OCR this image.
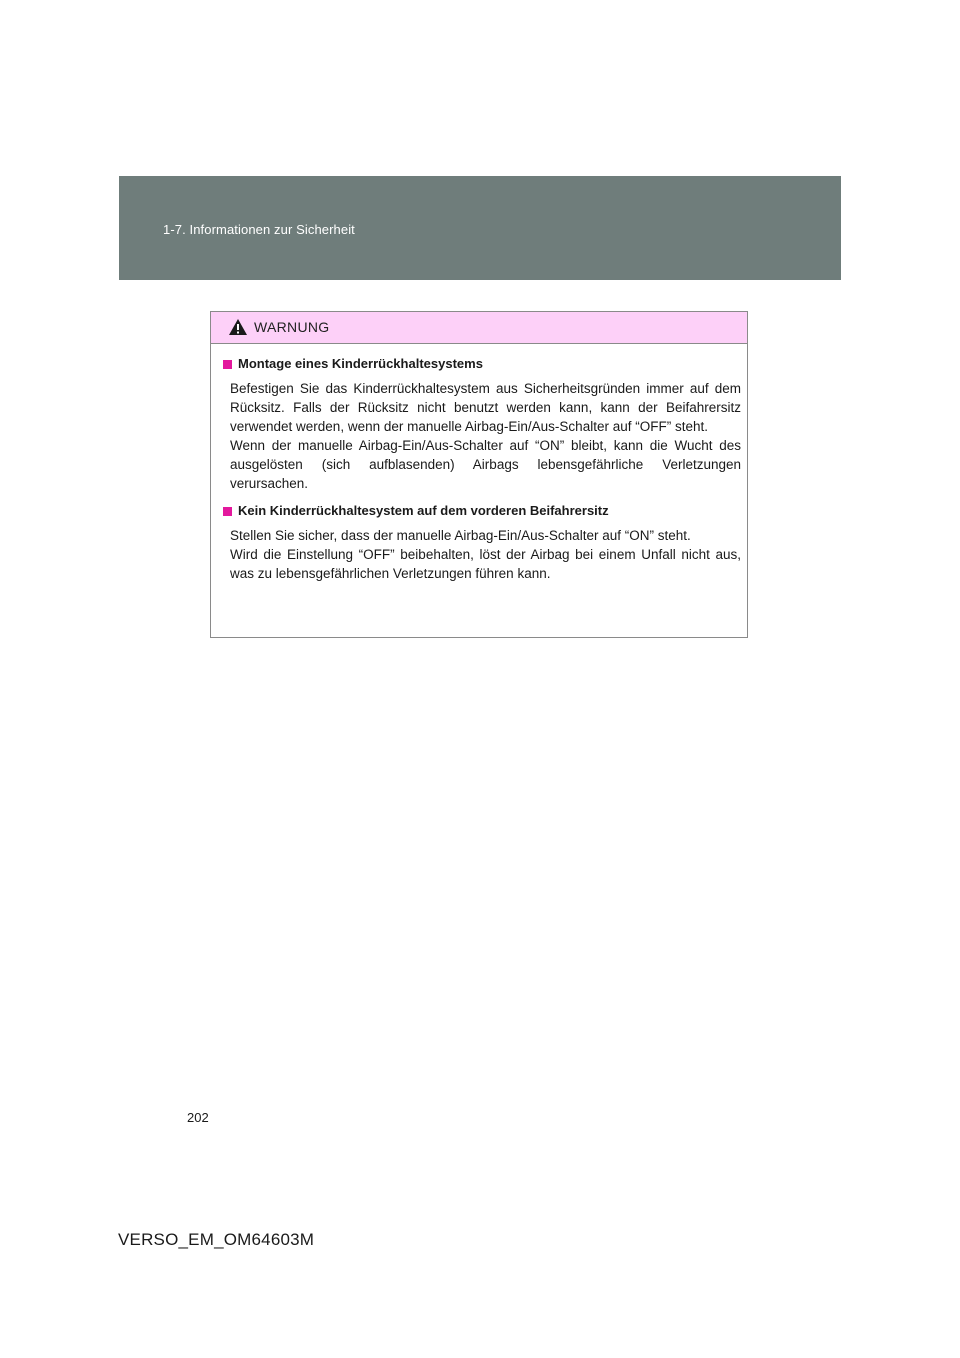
1-7. Informationen zur Sicherheit
WARNUNG
Montage eines Kinderrückhaltesystems

Befestigen Sie das Kinderrückhaltesystem aus Sicherheitsgründen immer auf dem Rücksitz. Falls der Rücksitz nicht benutzt werden kann, kann der Beifahrersitz verwendet werden, wenn der manuelle Airbag-Ein/Aus-Schalter auf “OFF” steht.

Wenn der manuelle Airbag-Ein/Aus-Schalter auf “ON” bleibt, kann die Wucht des ausgelösten (sich aufblasenden) Airbags lebensgefährliche Verletzungen verursachen.

Kein Kinderrückhaltesystem auf dem vorderen Beifahrersitz

Stellen Sie sicher, dass der manuelle Airbag-Ein/Aus-Schalter auf “ON” steht.

Wird die Einstellung “OFF” beibehalten, löst der Airbag bei einem Unfall nicht aus, was zu lebensgefährlichen Verletzungen führen kann.

202
VERSO_EM_OM64603M
